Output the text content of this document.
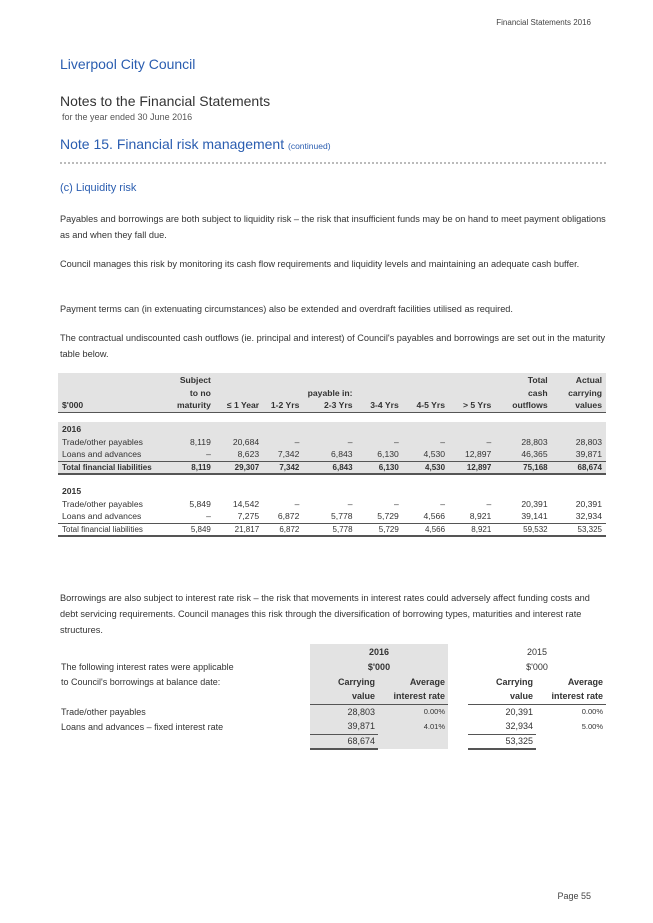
Financial Statements 2016
Liverpool City Council
Notes to the Financial Statements
for the year ended 30 June 2016
Note 15. Financial risk management (continued)
(c) Liquidity risk
Payables and borrowings are both subject to liquidity risk – the risk that insufficient funds may be on hand to meet payment obligations as and when they fall due.
Council manages this risk by monitoring its cash flow requirements and liquidity levels and maintaining an adequate cash buffer.
Payment terms can (in extenuating circumstances) also be extended and overdraft facilities utilised as required.
The contractual undiscounted cash outflows (ie. principal and interest) of Council's payables and borrowings are set out in the maturity table below.
	Subject							Total	Actual
	to no			payable in:				cash	carrying
$'000	maturity	≤ 1 Year	1-2 Yrs	2-3 Yrs	3-4 Yrs	4-5 Yrs	> 5 Yrs	outflows	values

2016									
Trade/other payables	8,119	20,684	–	–	–	–	–	28,803	28,803
Loans and advances	–	8,623	7,342	6,843	6,130	4,530	12,897	46,365	39,871
Total financial liabilities	8,119	29,307	7,342	6,843	6,130	4,530	12,897	75,168	68,674

2015									
Trade/other payables	5,849	14,542	–	–	–	–	–	20,391	20,391
Loans and advances	–	7,275	6,872	5,778	5,729	4,566	8,921	39,141	32,934
Total financial liabilities	5,849	21,817	6,872	5,778	5,729	4,566	8,921	59,532	53,325
Borrowings are also subject to interest rate risk – the risk that movements in interest rates could adversely affect funding costs and debt servicing requirements. Council manages this risk through the diversification of borrowing types, maturities and interest rate structures.
	2016			2015	
The following interest rates were applicable	$'000			$'000	
to Council's borrowings at balance date:	Carrying	Average		Carrying	Average
	value	interest rate		value	interest rate
Trade/other payables	28,803	0.00%		20,391	0.00%
Loans and advances – fixed interest rate	39,871	4.01%		32,934	5.00%
	68,674			53,325	
Page 55
